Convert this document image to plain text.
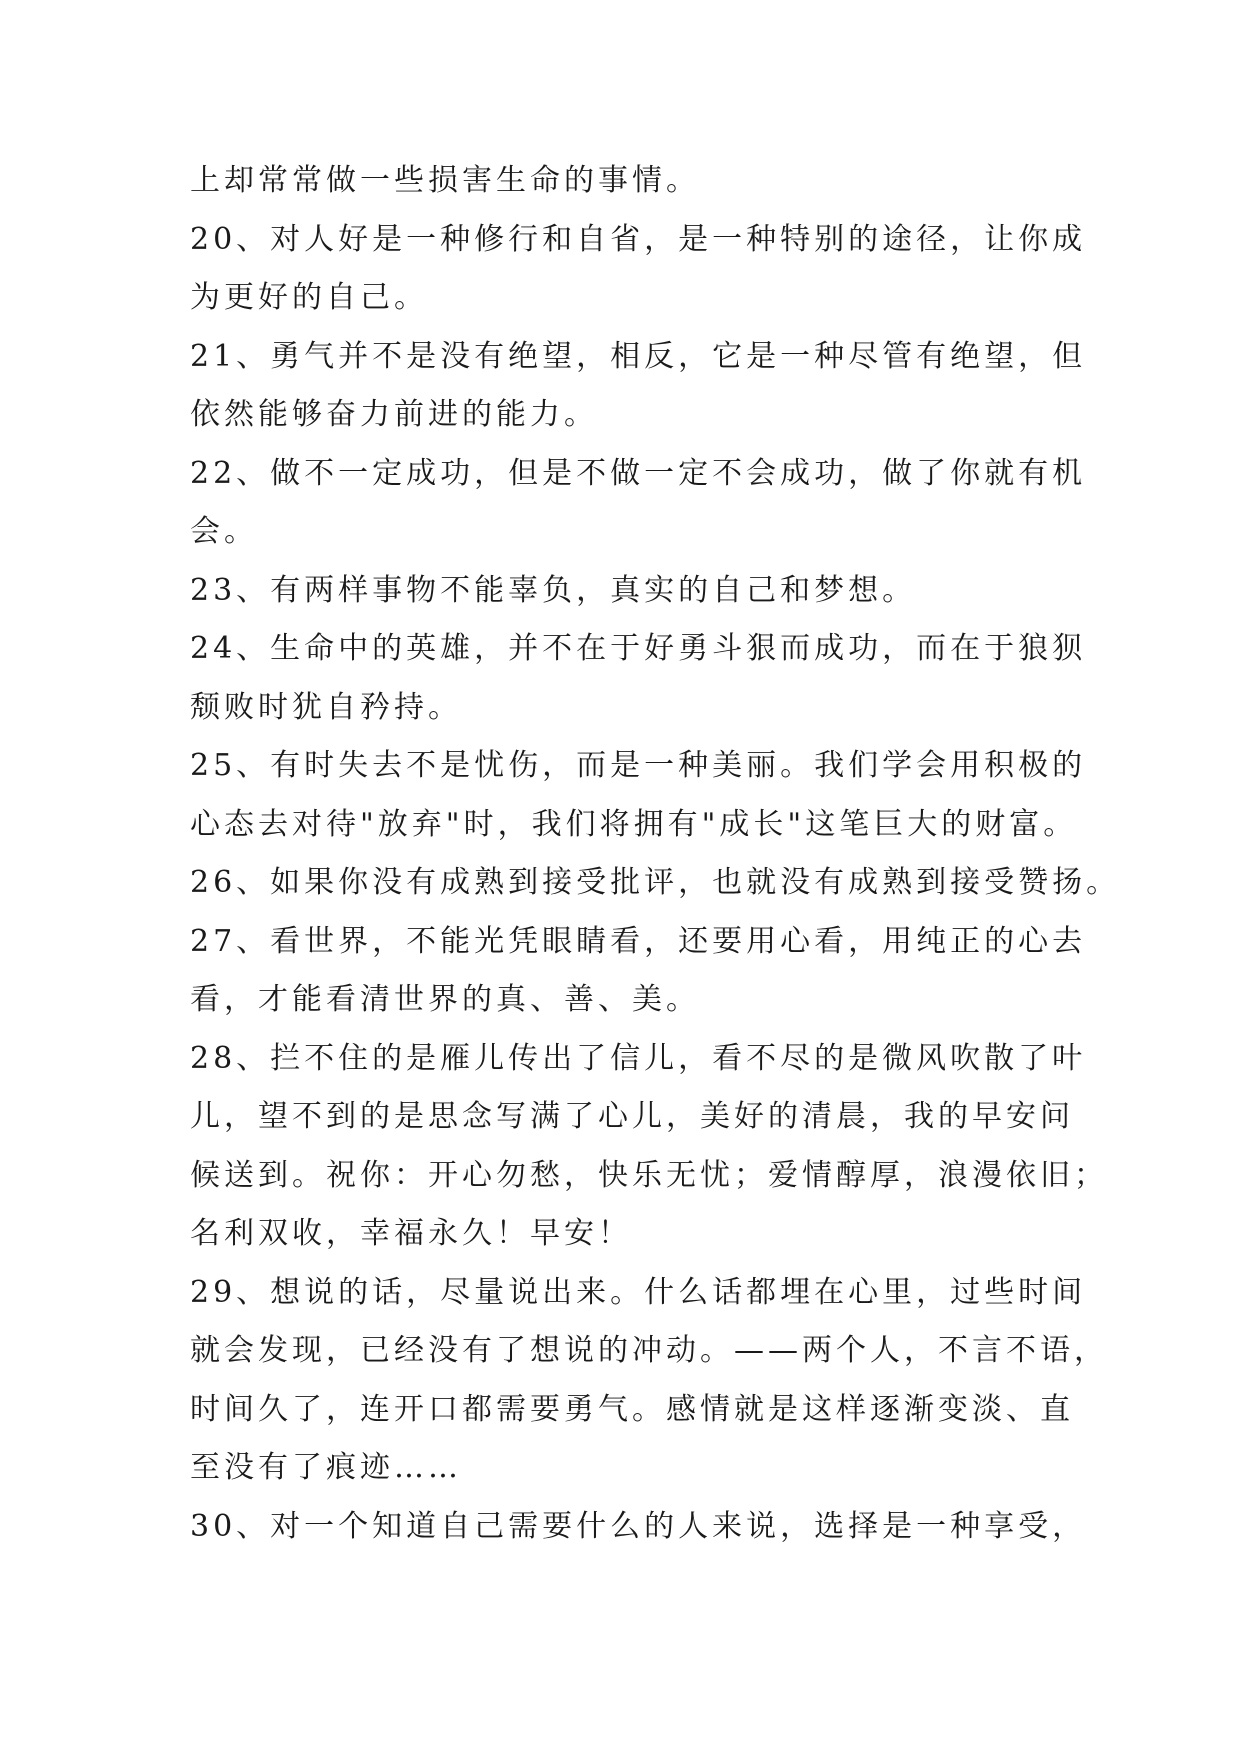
上却常常做一些损害生命的事情。
20、对人好是一种修行和自省，是一种特别的途径，让你成
为更好的自己。
21、勇气并不是没有绝望，相反，它是一种尽管有绝望，但
依然能够奋力前进的能力。
22、做不一定成功，但是不做一定不会成功，做了你就有机
会。
23、有两样事物不能辜负，真实的自己和梦想。
24、生命中的英雄，并不在于好勇斗狠而成功，而在于狼狈
颓败时犹自矜持。
25、有时失去不是忧伤，而是一种美丽。我们学会用积极的
心态去对待"放弃"时，我们将拥有"成长"这笔巨大的财富。
26、如果你没有成熟到接受批评，也就没有成熟到接受赞扬。
27、看世界，不能光凭眼睛看，还要用心看，用纯正的心去
看，才能看清世界的真、善、美。
28、拦不住的是雁儿传出了信儿，看不尽的是微风吹散了叶
儿，望不到的是思念写满了心儿，美好的清晨，我的早安问
候送到。祝你：开心勿愁，快乐无忧；爱情醇厚，浪漫依旧；
名利双收，幸福永久！早安！
29、想说的话，尽量说出来。什么话都埋在心里，过些时间
就会发现，已经没有了想说的冲动。——两个人，不言不语，
时间久了，连开口都需要勇气。感情就是这样逐渐变淡、直
至没有了痕迹……
30、对一个知道自己需要什么的人来说，选择是一种享受，
